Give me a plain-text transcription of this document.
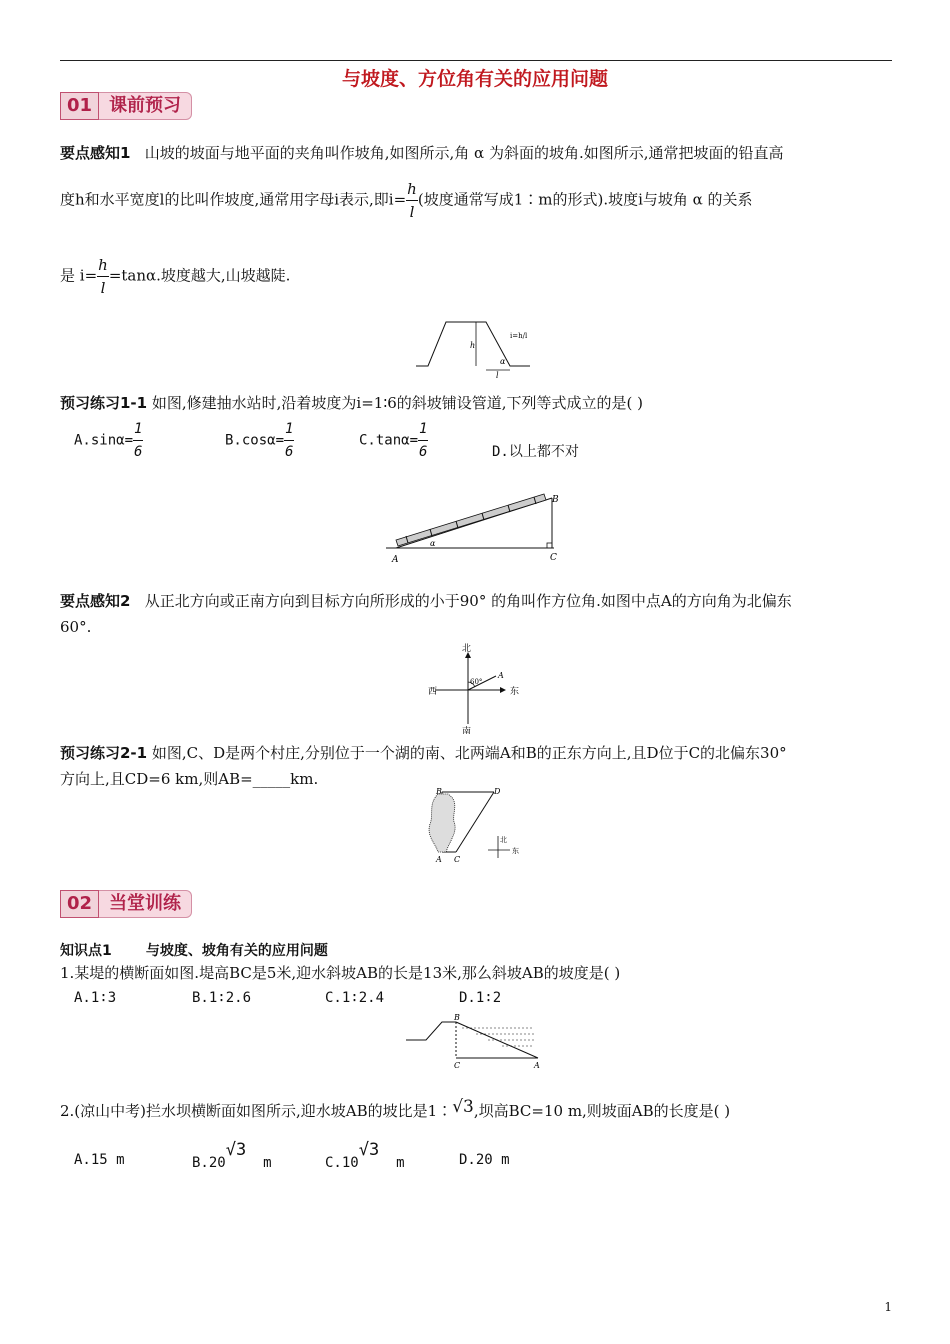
与坡度、方位角有关的应用问题
01 课前预习
要点感知1 山坡的坡面与地平面的夹角叫作坡角,如图所示,角 α 为斜面的坡角.如图所示,通常把坡面的铅直高
度h和水平宽度l的比叫作坡度,通常用字母i表示,即$i= \frac{h}{l}$ (坡度通常写成1∶m的形式).坡度i与坡角 α 的关系
是 $i= \frac{h}{l} =\tan\alpha$.坡度越大,山坡越陡.
h
l
α
i=h/l
预习练习1-1 如图,修建抽水站时,沿着坡度为i=1∶6的斜坡铺设管道,下列等式成立的是( )
$A.\sin\alpha= \frac{1}{6}$	$B.\cos\alpha= \frac{1}{6}$	$C.\tan\alpha= \frac{1}{6}$	D.以上都不对
A
B
C
α
要点感知2 从正北方向或正南方向到目标方向所形成的小于90° 的角叫作方位角.如图中点A的方向角为北偏东
60°.
北
南
东
西
60°
A
预习练习2-1 如图,C、D是两个村庄,分别位于一个湖的南、北两端A和B的正东方向上,且D位于C的北偏东30°
方向上,且CD=6 km,则AB=_____km.
B
A C
D
北
东
02 当堂训练
知识点1 与坡度、坡角有关的应用问题
1.某堤的横断面如图.堤高BC是5米,迎水斜坡AB的长是13米,那么斜坡AB的坡度是( )
A.1∶3	B.1∶2.6	C.1∶2.4	D.1∶2
B
C	A
2.(凉山中考)拦水坝横断面如图所示,迎水坡AB的坡比是1∶√3,坝高BC=10 m,则坡面AB的长度是( )
A.15 m	B.20√3  m	C.10√3  m	D.20 m
1
